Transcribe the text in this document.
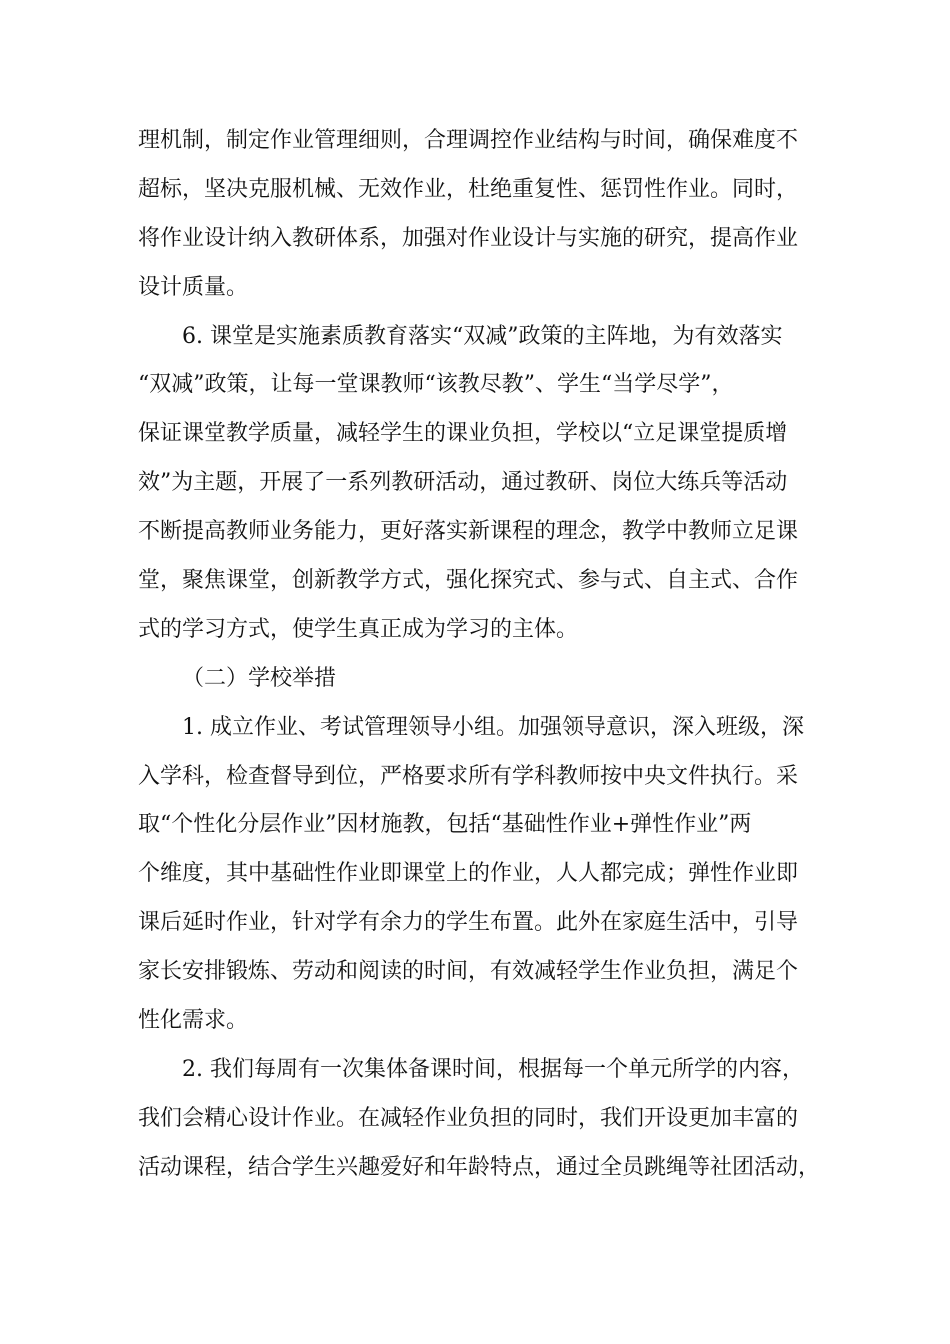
理机制，制定作业管理细则，合理调控作业结构与时间，确保难度不
超标，坚决克服机械、无效作业，杜绝重复性、惩罚性作业。同时，
将作业设计纳入教研体系，加强对作业设计与实施的研究，提高作业
设计质量。
6. 课堂是实施素质教育落实“双减”政策的主阵地，为有效落实
“双减”政策，让每一堂课教师“该教尽教”、学生“当学尽学”，
保证课堂教学质量，减轻学生的课业负担，学校以“立足课堂提质增
效”为主题，开展了一系列教研活动，通过教研、岗位大练兵等活动
不断提高教师业务能力，更好落实新课程的理念，教学中教师立足课
堂，聚焦课堂，创新教学方式，强化探究式、参与式、自主式、合作
式的学习方式，使学生真正成为学习的主体。
（二）学校举措
1. 成立作业、考试管理领导小组。加强领导意识，深入班级，深
入学科，检查督导到位，严格要求所有学科教师按中央文件执行。采
取“个性化分层作业”因材施教，包括“基础性作业+弹性作业”两
个维度，其中基础性作业即课堂上的作业，人人都完成；弹性作业即
课后延时作业，针对学有余力的学生布置。此外在家庭生活中，引导
家长安排锻炼、劳动和阅读的时间，有效减轻学生作业负担，满足个
性化需求。
2. 我们每周有一次集体备课时间，根据每一个单元所学的内容，
我们会精心设计作业。在减轻作业负担的同时，我们开设更加丰富的
活动课程，结合学生兴趣爱好和年龄特点，通过全员跳绳等社团活动，
